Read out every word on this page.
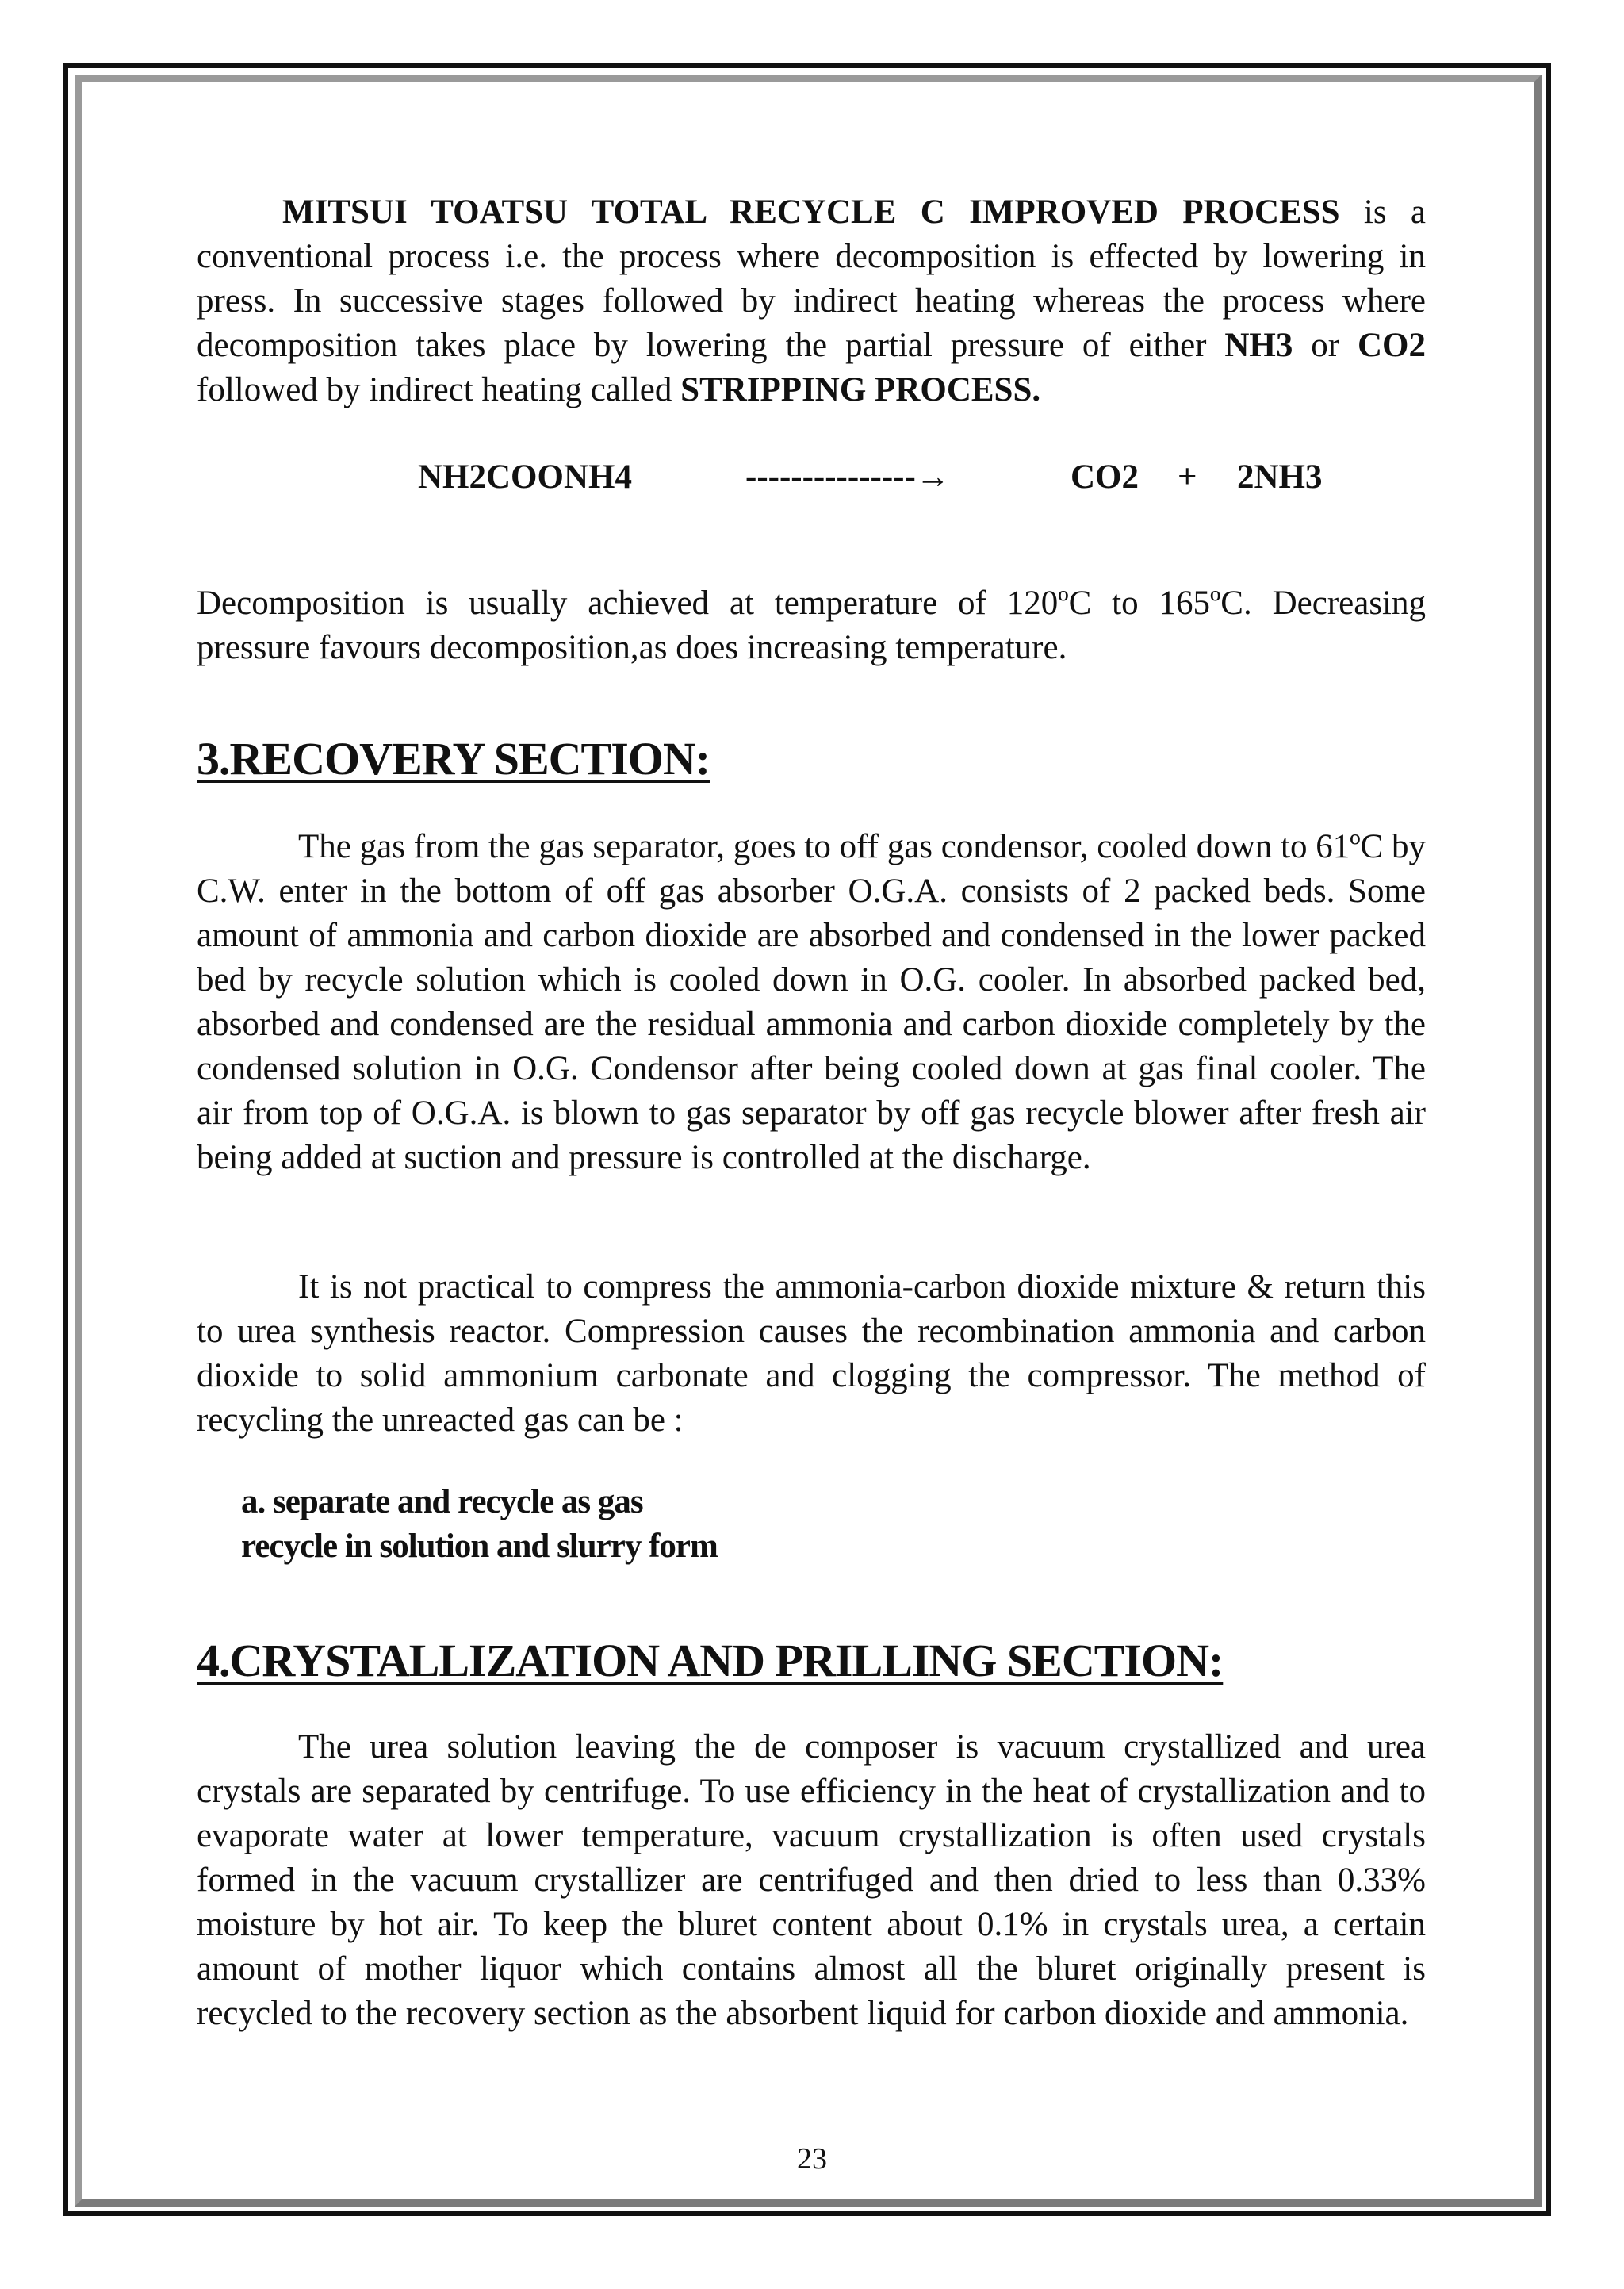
MITSUI TOATSU TOTAL RECYCLE C IMPROVED PROCESS is a conventional process i.e. the process where decomposition is effected by lowering in press. In successive stages followed by indirect heating whereas the process where decomposition takes place by lowering the partial pressure of either NH3 or CO2 followed by indirect heating called STRIPPING PROCESS.

NH2COONH4	---------------→	CO2 + 2NH3

Decomposition is usually achieved at temperature of 120ºC to 165ºC. Decreasing pressure favours decomposition,as does increasing temperature.

3.RECOVERY SECTION:

The gas from the gas separator, goes to off gas condensor, cooled down to 61ºC by C.W. enter in the bottom of off gas absorber O.G.A. consists of 2 packed beds. Some amount of ammonia and carbon dioxide are absorbed and condensed in the lower packed bed by recycle solution which is cooled down in O.G. cooler. In absorbed packed bed, absorbed and condensed are the residual ammonia and carbon dioxide completely by the condensed solution in O.G. Condensor after being cooled down at gas final cooler. The air from top of O.G.A. is blown to gas separator by off gas recycle blower after fresh air being added at suction and pressure is controlled at the discharge.

It is not practical to compress the ammonia-carbon dioxide mixture & return this to urea synthesis reactor. Compression causes the recombination ammonia and carbon dioxide to solid ammonium carbonate and clogging the compressor. The method of recycling the unreacted gas can be :

a. separate and recycle as gas
recycle in solution and slurry form
4.CRYSTALLIZATION AND PRILLING SECTION:

The urea solution leaving the de composer is vacuum crystallized and urea crystals are separated by centrifuge. To use efficiency in the heat of crystallization and to evaporate water at lower temperature, vacuum crystallization is often used crystals formed in the vacuum crystallizer are centrifuged and then dried to less than 0.33% moisture by hot air. To keep the bluret content about 0.1% in crystals urea, a certain amount of mother liquor which contains almost all the bluret originally present is recycled to the recovery section as the absorbent liquid for carbon dioxide and ammonia.

23
